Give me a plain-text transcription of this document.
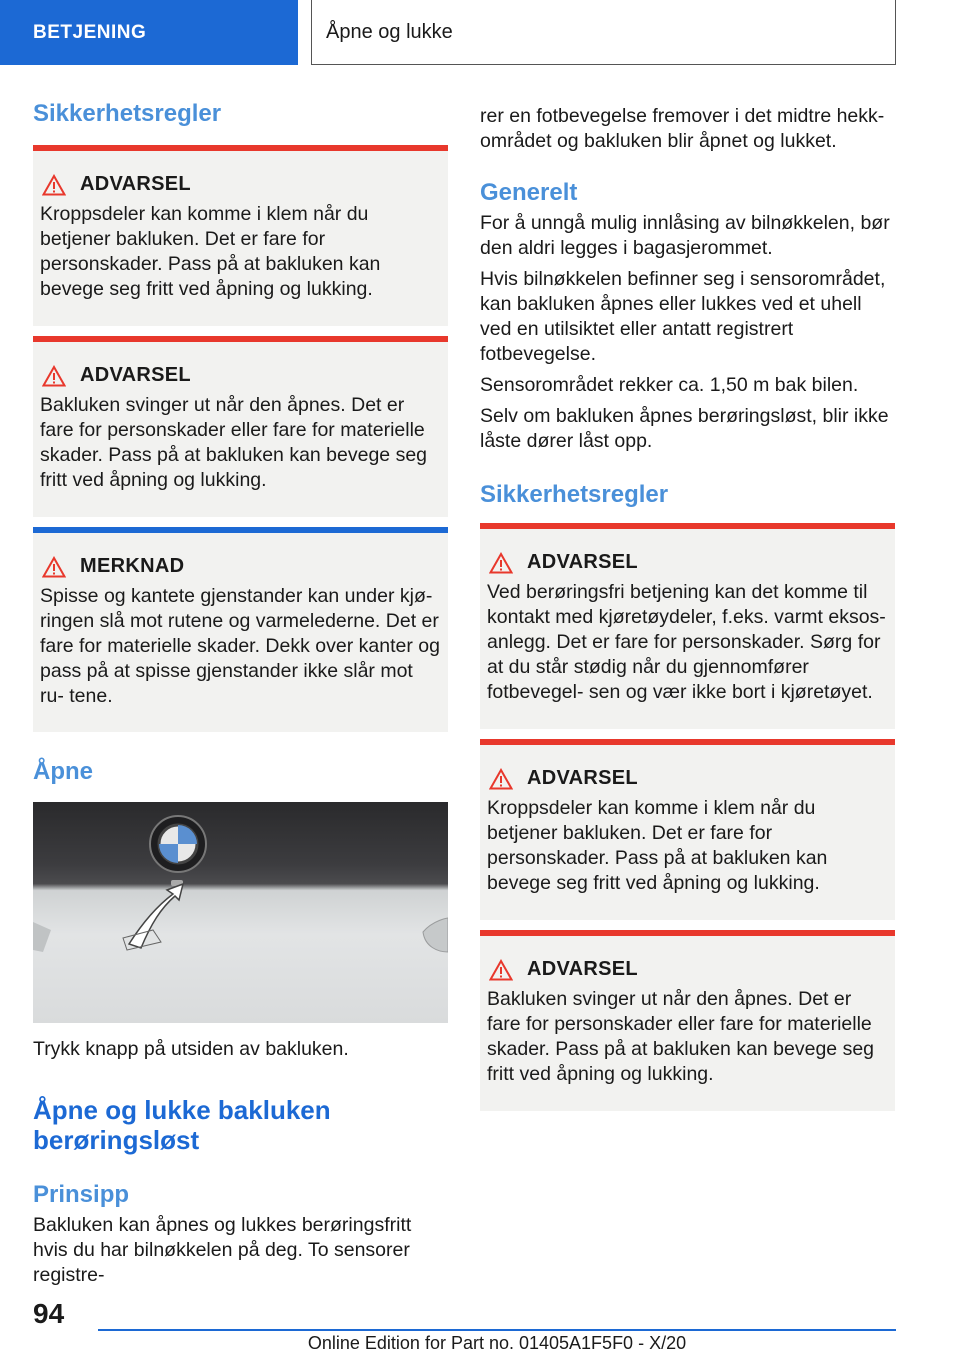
BETJENING	Åpne og lukke
Sikkerhetsregler
ADVARSEL
Kroppsdeler kan komme i klem når du betjener bakluken. Det er fare for personskader. Pass på at bakluken kan bevege seg fritt ved åpning og lukking.
ADVARSEL
Bakluken svinger ut når den åpnes. Det er fare for personskader eller fare for materielle skader. Pass på at bakluken kan bevege seg fritt ved åpning og lukking.
MERKNAD
Spisse og kantete gjenstander kan under kjø- ringen slå mot rutene og varmelederne. Det er fare for materielle skader. Dekk over kanter og pass på at spisse gjenstander ikke slår mot ru- tene.
Åpne

Trykk knapp på utsiden av bakluken.

Åpne og lukke bakluken berøringsløst
Prinsipp

Bakluken kan åpnes og lukkes berøringsfritt hvis du har bilnøkkelen på deg. To sensorer registre-

rer en fotbevegelse fremover i det midtre hekk- området og bakluken blir åpnet og lukket.

Generelt

For å unngå mulig innlåsing av bilnøkkelen, bør den aldri legges i bagasjerommet.

Hvis bilnøkkelen befinner seg i sensorområdet, kan bakluken åpnes eller lukkes ved et uhell ved en utilsiktet eller antatt registrert fotbevegelse.

Sensorområdet rekker ca. 1,50 m bak bilen.

Selv om bakluken åpnes berøringsløst, blir ikke låste dører låst opp.

Sikkerhetsregler
ADVARSEL
Ved berøringsfri betjening kan det komme til kontakt med kjøretøydeler, f.eks. varmt eksos- anlegg. Det er fare for personskader. Sørg for at du står stødig når du gjennomfører fotbevegel- sen og vær ikke bort i kjøretøyet.
ADVARSEL
Kroppsdeler kan komme i klem når du betjener bakluken. Det er fare for personskader. Pass på at bakluken kan bevege seg fritt ved åpning og lukking.
ADVARSEL
Bakluken svinger ut når den åpnes. Det er fare for personskader eller fare for materielle skader. Pass på at bakluken kan bevege seg fritt ved åpning og lukking.
94
Online Edition for Part no. 01405A1F5F0 - X/20
